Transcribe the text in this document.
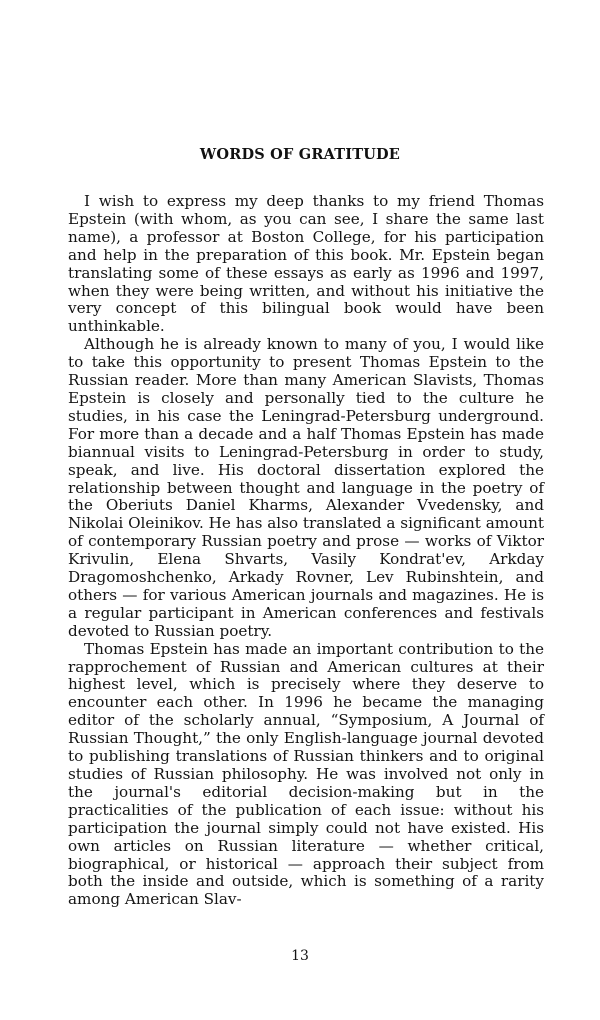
WORDS OF GRATITUDE

I wish to express my deep thanks to my friend Thomas Epstein (with whom, as you can see, I share the same last name), a professor at Boston College, for his participation and help in the preparation of this book. Mr. Epstein began translating some of these essays as early as 1996 and 1997, when they were being written, and without his initiative the very concept of this bilingual book would have been unthinkable.

Although he is already known to many of you, I would like to take this opportunity to present Thomas Epstein to the Russian reader. More than many American Slavists, Thomas Epstein is closely and personally tied to the culture he studies, in his case the Leningrad-Petersburg underground. For more than a decade and a half Thomas Epstein has made biannual visits to Leningrad-Petersburg in order to study, speak, and live. His doctoral dissertation explored the relationship between thought and language in the poetry of the Oberiuts Daniel Kharms, Alexander Vvedensky, and Nikolai Oleinikov. He has also translated a significant amount of contemporary Russian poetry and prose — works of Viktor Krivulin, Elena Shvarts, Vasily Kondrat'ev, Arkday Dragomoshchenko, Arkady Rovner, Lev Rubinshtein, and others — for various American journals and magazines. He is a regular participant in American conferences and festivals devoted to Russian poetry.

Thomas Epstein has made an important contribution to the rapprochement of Russian and American cultures at their highest level, which is precisely where they deserve to encounter each other. In 1996 he became the managing editor of the scholarly annual, “Symposium, A Journal of Russian Thought,” the only English-language journal devoted to publishing translations of Russian thinkers and to original studies of Russian philosophy. He was involved not only in the journal's editorial decision-making but in the practicalities of the publication of each issue: without his participation the journal simply could not have existed. His own articles on Russian literature — whether critical, biographical, or historical — approach their subject from both the inside and outside, which is something of a rarity among American Slav-

13
